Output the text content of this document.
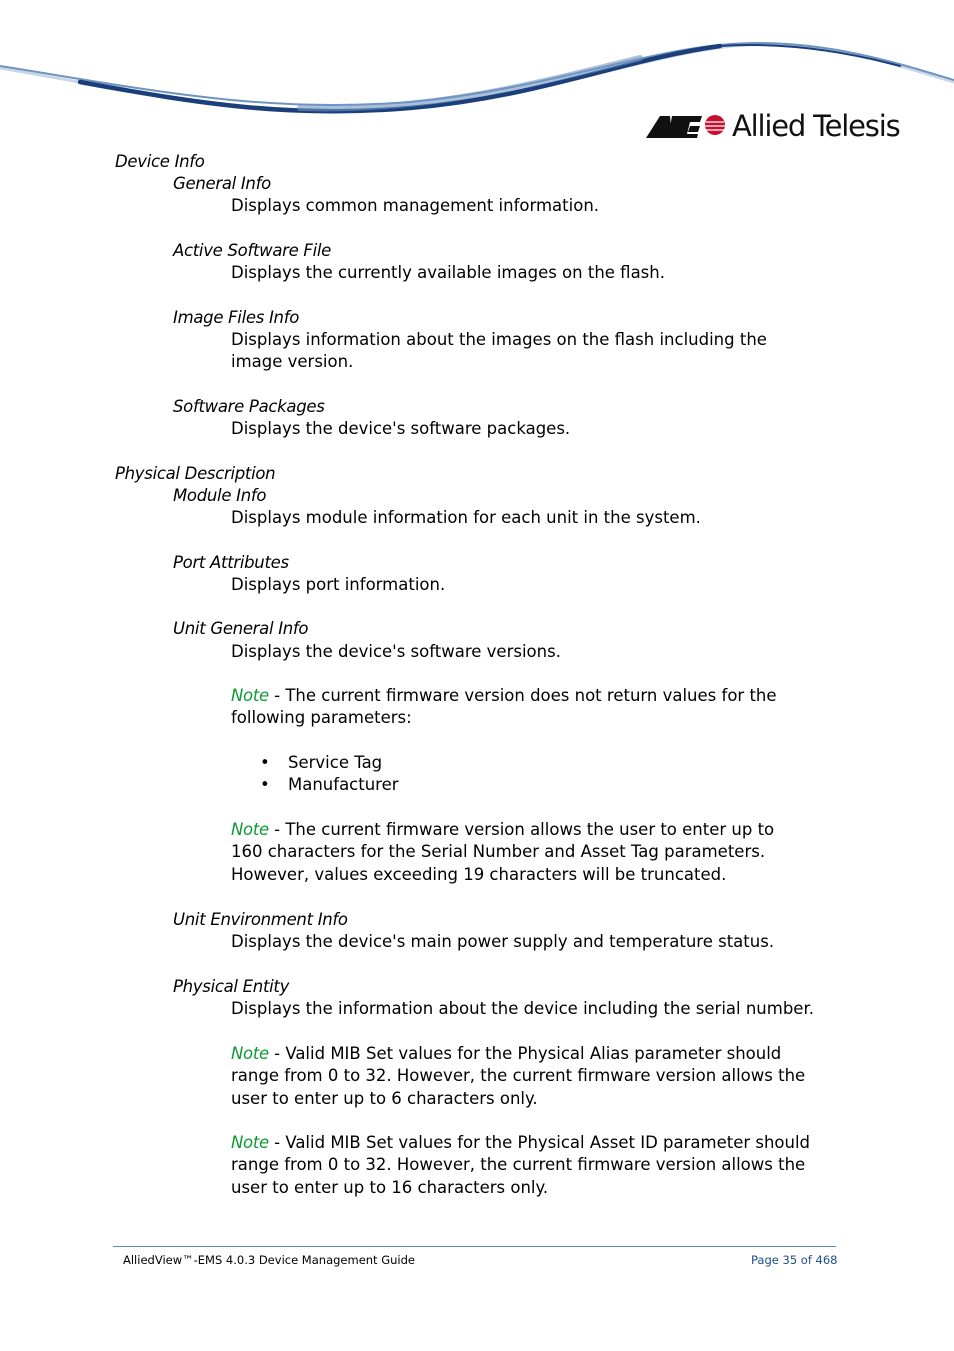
Allied Telesis
Device Info
General Info
Displays common management information.
Active Software File
Displays the currently available images on the flash.
Image Files Info
Displays information about the images on the flash including the image version.
Software Packages
Displays the device's software packages.
Physical Description
Module Info
Displays module information for each unit in the system.
Port Attributes
Displays port information.
Unit General Info
Displays the device's software versions.
Note - The current firmware version does not return values for the following parameters:
• Service Tag
• Manufacturer
Note - The current firmware version allows the user to enter up to 160 characters for the Serial Number and Asset Tag parameters. However, values exceeding 19 characters will be truncated.
Unit Environment Info
Displays the device's main power supply and temperature status.
Physical Entity
Displays the information about the device including the serial number.
Note - Valid MIB Set values for the Physical Alias parameter should range from 0 to 32. However, the current firmware version allows the user to enter up to 6 characters only.
Note - Valid MIB Set values for the Physical Asset ID parameter should range from 0 to 32. However, the current firmware version allows the user to enter up to 16 characters only.
AlliedView™-EMS 4.0.3 Device Management Guide	Page 35 of 468
